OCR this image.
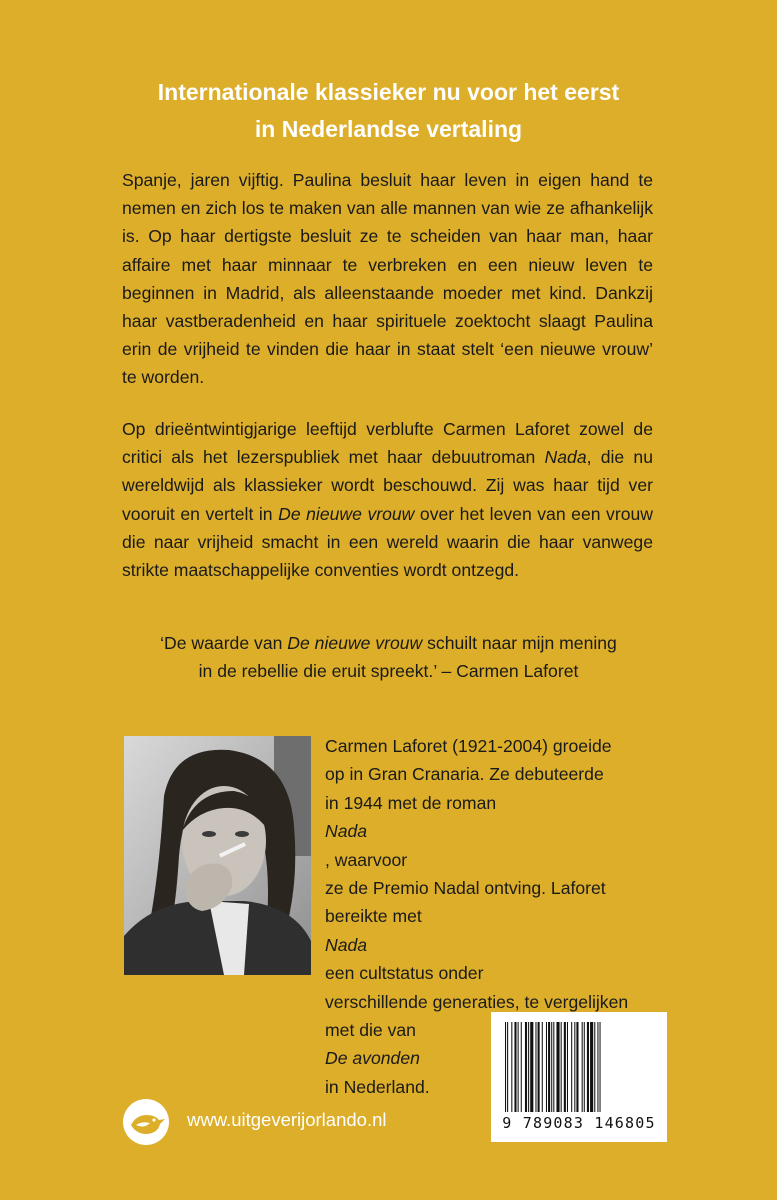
Internationale klassieker nu voor het eerst
in Nederlandse vertaling
Spanje, jaren vijftig. Paulina besluit haar leven in eigen hand te nemen en zich los te maken van alle mannen van wie ze afhankelijk is. Op haar dertigste besluit ze te scheiden van haar man, haar affaire met haar minnaar te verbreken en een nieuw leven te beginnen in Madrid, als alleenstaande moeder met kind. Dankzij haar vastberadenheid en haar spirituele zoektocht slaagt Paulina erin de vrijheid te vinden die haar in staat stelt ‘een nieuwe vrouw’ te worden.
Op drieëntwintigjarige leeftijd verblufte Carmen Laforet zowel de critici als het lezerspubliek met haar debuutroman Nada, die nu wereldwijd als klassieker wordt beschouwd. Zij was haar tijd ver vooruit en vertelt in De nieuwe vrouw over het leven van een vrouw die naar vrijheid smacht in een wereld waarin die haar vanwege strikte maatschappelijke conventies wordt ontzegd.
‘De waarde van De nieuwe vrouw schuilt naar mijn mening
in de rebellie die eruit spreekt.’ – Carmen Laforet
Carmen Laforet (1921-2004) groeide
op in Gran Cranaria. Ze debuteerde
in 1944 met de roman
Nada
, waarvoor
ze de Premio Nadal ontving. Laforet
bereikte met
Nada
een cultstatus onder
verschillende generaties, te vergelijken
met die van
De avonden
in Nederland.
www.uitgeverijorlando.nl	9 789083 146805
